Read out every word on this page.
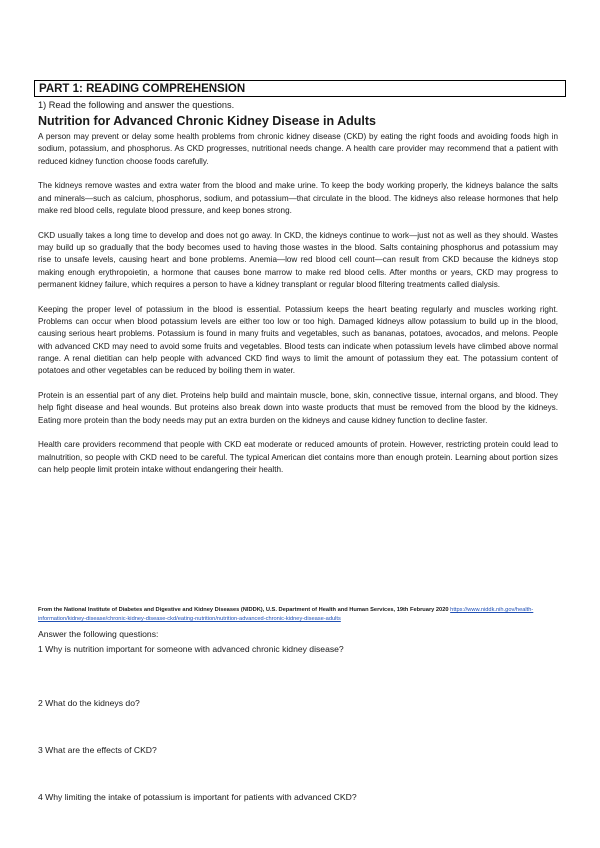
PART 1: READING COMPREHENSION
1) Read the following and answer the questions.
Nutrition for Advanced Chronic Kidney Disease in Adults

A person may prevent or delay some health problems from chronic kidney disease (CKD) by eating the right foods and avoiding foods high in sodium, potassium, and phosphorus. As CKD progresses, nutritional needs change. A health care provider may recommend that a patient with reduced kidney function choose foods carefully.

The kidneys remove wastes and extra water from the blood and make urine. To keep the body working properly, the kidneys balance the salts and minerals—such as calcium, phosphorus, sodium, and potassium—that circulate in the blood. The kidneys also release hormones that help make red blood cells, regulate blood pressure, and keep bones strong.

CKD usually takes a long time to develop and does not go away. In CKD, the kidneys continue to work—just not as well as they should. Wastes may build up so gradually that the body becomes used to having those wastes in the blood. Salts containing phosphorus and potassium may rise to unsafe levels, causing heart and bone problems. Anemia—low red blood cell count—can result from CKD because the kidneys stop making enough erythropoietin, a hormone that causes bone marrow to make red blood cells. After months or years, CKD may progress to permanent kidney failure, which requires a person to have a kidney transplant or regular blood filtering treatments called dialysis.

Keeping the proper level of potassium in the blood is essential. Potassium keeps the heart beating regularly and muscles working right. Problems can occur when blood potassium levels are either too low or too high. Damaged kidneys allow potassium to build up in the blood, causing serious heart problems. Potassium is found in many fruits and vegetables, such as bananas, potatoes, avocados, and melons. People with advanced CKD may need to avoid some fruits and vegetables. Blood tests can indicate when potassium levels have climbed above normal range. A renal dietitian can help people with advanced CKD find ways to limit the amount of potassium they eat. The potassium content of potatoes and other vegetables can be reduced by boiling them in water.

Protein is an essential part of any diet. Proteins help build and maintain muscle, bone, skin, connective tissue, internal organs, and blood. They help fight disease and heal wounds. But proteins also break down into waste products that must be removed from the blood by the kidneys. Eating more protein than the body needs may put an extra burden on the kidneys and cause kidney function to decline faster.

Health care providers recommend that people with CKD eat moderate or reduced amounts of protein. However, restricting protein could lead to malnutrition, so people with CKD need to be careful. The typical American diet contains more than enough protein. Learning about portion sizes can help people limit protein intake without endangering their health.

From the National Institute of Diabetes and Digestive and Kidney Diseases (NIDDK), U.S. Department of Health and Human Services, 19th February 2020 https://www.niddk.nih.gov/health-information/kidney-disease/chronic-kidney-disease-ckd/eating-nutrition/nutrition-advanced-chronic-kidney-disease-adults
Answer the following questions:
1 Why is nutrition important for someone with advanced chronic kidney disease?
2 What do the kidneys do?
3 What are the effects of CKD?
4 Why limiting the intake of potassium is important for patients with advanced CKD?
